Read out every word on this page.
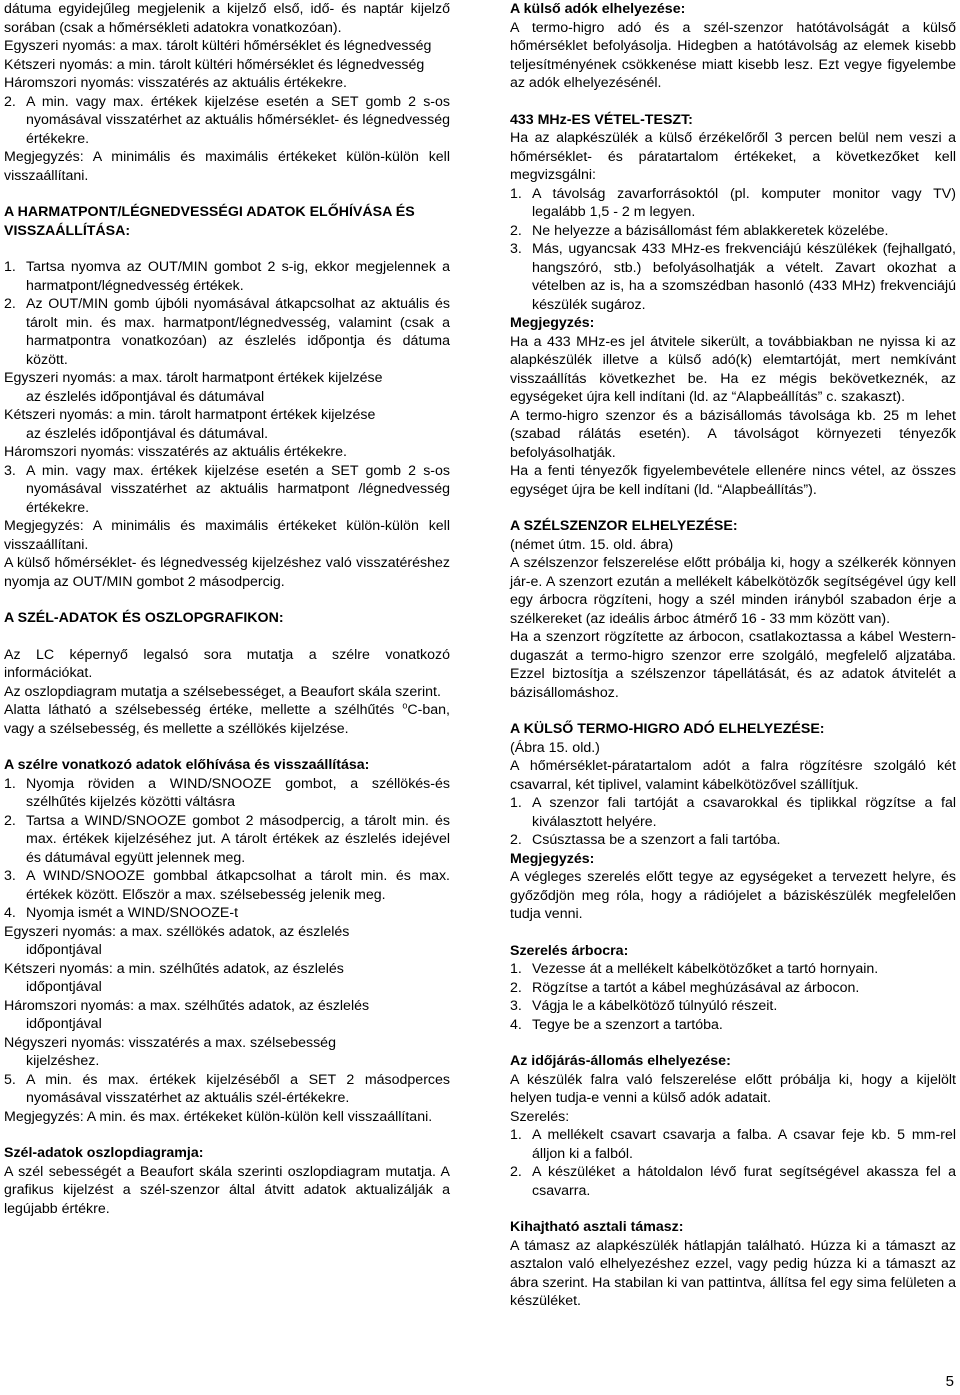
dátuma egyidejűleg megjelenik a kijelző első, idő- és naptár kijelző sorában (csak a hőmérsékleti adatokra vonatkozóan).

Egyszeri nyomás: a max. tárolt kültéri hőmérséklet és légnedvesség

Kétszeri nyomás: a min. tárolt kültéri hőmérséklet és légnedvesség

Háromszori nyomás: visszatérés az aktuális értékekre.

2. A min. vagy max. értékek kijelzése esetén a SET gomb 2 s-os nyomásával visszatérhet az aktuális hőmérséklet- és légnedvesség értékekre.

Megjegyzés: A minimális és maximális értékeket külön-külön kell visszaállítani.

A HARMATPONT/LÉGNEDVESSÉGI ADATOK ELŐHÍVÁSA ÉS VISSZAÁLLÍTÁSA:

1. Tartsa nyomva az OUT/MIN gombot 2 s-ig, ekkor megjelennek a harmatpont/légnedvesség értékek.
2. Az OUT/MIN gomb újbóli nyomásával átkapcsolhat az aktuális és tárolt min. és max. harmatpont/légnedvesség, valamint (csak a harmatpontra vonatkozóan) az észlelés időpontja és dátuma között.

Egyszeri nyomás: a max. tárolt harmatpont értékek kijelzése

az észlelés időpontjával és dátumával

Kétszeri nyomás: a min. tárolt harmatpont értékek kijelzése

az észlelés időpontjával és dátumával.

Háromszori nyomás: visszatérés az aktuális értékekre.

3. A min. vagy max. értékek kijelzése esetén a SET gomb 2 s-os nyomásával visszatérhet az aktuális harmatpont /légnedvesség értékekre.

Megjegyzés: A minimális és maximális értékeket külön-külön kell visszaállítani.

A külső hőmérséklet- és légnedvesség kijelzéshez való visszatéréshez nyomja az OUT/MIN gombot 2 másodpercig.

A SZÉL-ADATOK ÉS OSZLOPGRAFIKON:

Az LC képernyő legalsó sora mutatja a szélre vonatkozó információkat.

Az oszlopdiagram mutatja a szélsebességet, a Beaufort skála szerint.

Alatta látható a szélsebesség értéke, mellette a szélhűtés $^o$C-ban, vagy a szélsebesség, és mellette a széllökés kijelzése.

A szélre vonatkozó adatok előhívása és visszaállítása:

1. Nyomja röviden a WIND/SNOOZE gombot, a széllökés-és szélhűtés kijelzés közötti váltásra
2. Tartsa a WIND/SNOOZE gombot 2 másodpercig, a tárolt min. és max. értékek kijelzéséhez jut. A tárolt értékek az észlelés idejével és dátumával együtt jelennek meg.
3. A WIND/SNOOZE gombbal átkapcsolhat a tárolt min. és max. értékek között. Először a max. szélsebesség jelenik meg.
4. Nyomja ismét a WIND/SNOOZE-t

Egyszeri nyomás: a max. széllökés adatok, az észlelés

időpontjával

Kétszeri nyomás: a min. szélhűtés adatok, az észlelés

időpontjával

Háromszori nyomás: a max. szélhűtés adatok, az észlelés

időpontjával

Négyszeri nyomás: visszatérés a max. szélsebesség

kijelzéshez.

5. A min. és max. értékek kijelzéséből a SET 2 másodperces nyomásával visszatérhet az aktuális szél-értékekre.

Megjegyzés: A min. és max. értékeket külön-külön kell visszaállítani.

Szél-adatok oszlopdiagramja:

A szél sebességét a Beaufort skála szerinti oszlopdiagram mutatja. A grafikus kijelzést a szél-szenzor által átvitt adatok aktualizálják a legújabb értékre.

A külső adók elhelyezése:

A termo-higro adó és a szél-szenzor hatótávolságát a külső hőmérséklet befolyásolja. Hidegben a hatótávolság az elemek kisebb teljesítményének csökkenése miatt kisebb lesz. Ezt vegye figyelembe az adók elhelyezésénél.

433 MHz-ES VÉTEL-TESZT:

Ha az alapkészülék a külső érzékelőről 3 percen belül nem veszi a hőmérséklet- és páratartalom értékeket, a következőket kell megvizsgálni:

1. A távolság zavarforrásoktól (pl. komputer monitor vagy TV) legalább 1,5 - 2 m legyen.
2. Ne helyezze a bázisállomást fém ablakkeretek közelébe.
3. Más, ugyancsak 433 MHz-es frekvenciájú készülékek (fejhallgató, hangszóró, stb.) befolyásolhatják a vételt. Zavart okozhat a vételben az is, ha a szomszédban hasonló (433 MHz) frekvenciájú készülék sugároz.

Megjegyzés:

Ha a 433 MHz-es jel átvitele sikerült, a továbbiakban ne nyissa ki az alapkészülék illetve a külső adó(k) elemtartóját, mert nemkívánt visszaállítás következhet be. Ha ez mégis bekövetkeznék, az egységeket újra kell indítani (ld. az “Alapbeállítás” c. szakaszt).

A termo-higro szenzor és a bázisállomás távolsága kb. 25 m lehet (szabad rálátás esetén). A távolságot környezeti tényezők befolyásolhatják.

Ha a fenti tényezők figyelembevétele ellenére nincs vétel, az összes egységet újra be kell indítani (ld. “Alapbeállítás”).

A SZÉLSZENZOR ELHELYEZÉSE:

(német útm. 15. old. ábra)

A szélszenzor felszerelése előtt próbálja ki, hogy a szélkerék könnyen jár-e. A szenzort ezután a mellékelt kábelkötözők segítségével úgy kell egy árbocra rögzíteni, hogy a szél minden irányból szabadon érje a szélkereket (az ideális árboc átmérő 16 - 33 mm között van).

Ha a szenzort rögzítette az árbocon, csatlakoztassa a kábel Western-dugaszát a termo-higro szenzor erre szolgáló, megfelelő aljzatába. Ezzel biztosítja a szélszenzor tápellátását, és az adatok átvitelét a bázisállomáshoz.

A KÜLSŐ TERMO-HIGRO ADÓ ELHELYEZÉSE:

(Ábra 15. old.)

A hőmérséklet-páratartalom adót a falra rögzítésre szolgáló két csavarral, két tiplivel, valamint kábelkötözővel szállítjuk.

1. A szenzor fali tartóját a csavarokkal és tiplikkal rögzítse a fal kiválasztott helyére.
2. Csúsztassa be a szenzort a fali tartóba.

Megjegyzés:

A végleges szerelés előtt tegye az egységeket a tervezett helyre, és győződjön meg róla, hogy a rádiójelet a báziskészülék megfelelően tudja venni.

Szerelés árbocra:

1. Vezesse át a mellékelt kábelkötözőket a tartó hornyain.
2. Rögzítse a tartót a kábel meghúzásával az árbocon.
3. Vágja le a kábelkötöző túlnyúló részeit.
4. Tegye be a szenzort a tartóba.

Az időjárás-állomás elhelyezése:

A készülék falra való felszerelése előtt próbálja ki, hogy a kijelölt helyen tudja-e venni a külső adók adatait.

Szerelés:

1. A mellékelt csavart csavarja a falba. A csavar feje kb. 5 mm-rel álljon ki a falból.
2. A készüléket a hátoldalon lévő furat segítségével akassza fel a csavarra.

Kihajtható asztali támasz:

A támasz az alapkészülék hátlapján található. Húzza ki a támaszt az asztalon való elhelyezéshez ezzel, vagy pedig húzza ki a támaszt az ábra szerint. Ha stabilan ki van pattintva, állítsa fel egy sima felületen a készüléket.

5
